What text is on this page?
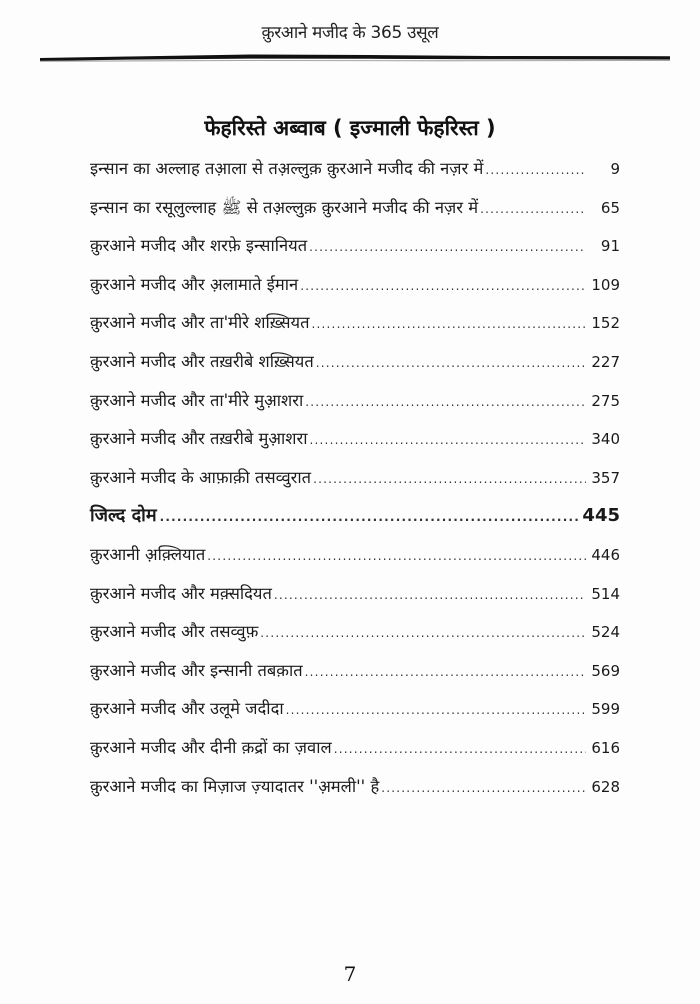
क़ुरआने मजीद के 365 उसूल
फेहरिस्ते अब्वाब ( इज्माली फेहरिस्त )
इन्सान का अल्लाह तआ़ला से तअ़ल्लुक़ क़ुरआने मजीद की नज़र में .....	9
इन्सान का रसूलुल्लाह ﷺ से तअ़ल्लुक़ क़ुरआने मजीद की नज़र में .....	65
क़ुरआने मजीद और शरफ़े इन्सानियत .....	91
क़ुरआने मजीद और अ़लामाते ईमान .....	109
क़ुरआने मजीद और ता'मीरे शख़्सियत .....	152
क़ुरआने मजीद और तख़रीबे शख़्सियत .....	227
क़ुरआने मजीद और ता'मीरे मुआ़शरा .....	275
क़ुरआने मजीद और तख़रीबे मुआ़शरा .....	340
क़ुरआने मजीद के आफ़ाक़ी तसव्वुरात .....	357
जिल्द दोम .....	445
क़ुरआनी अ़क़्लियात .....	446
क़ुरआने मजीद और मक़्सदियत .....	514
क़ुरआने मजीद और तसव्वुफ़ .....	524
क़ुरआने मजीद और इन्सानी तबक़ात .....	569
क़ुरआने मजीद और उलूमे जदीदा .....	599
क़ुरआने मजीद और दीनी क़द्रों का ज़वाल .....	616
क़ुरआने मजीद का मिज़ाज ज़्यादातर ''अ़मली'' है .....	628
7
